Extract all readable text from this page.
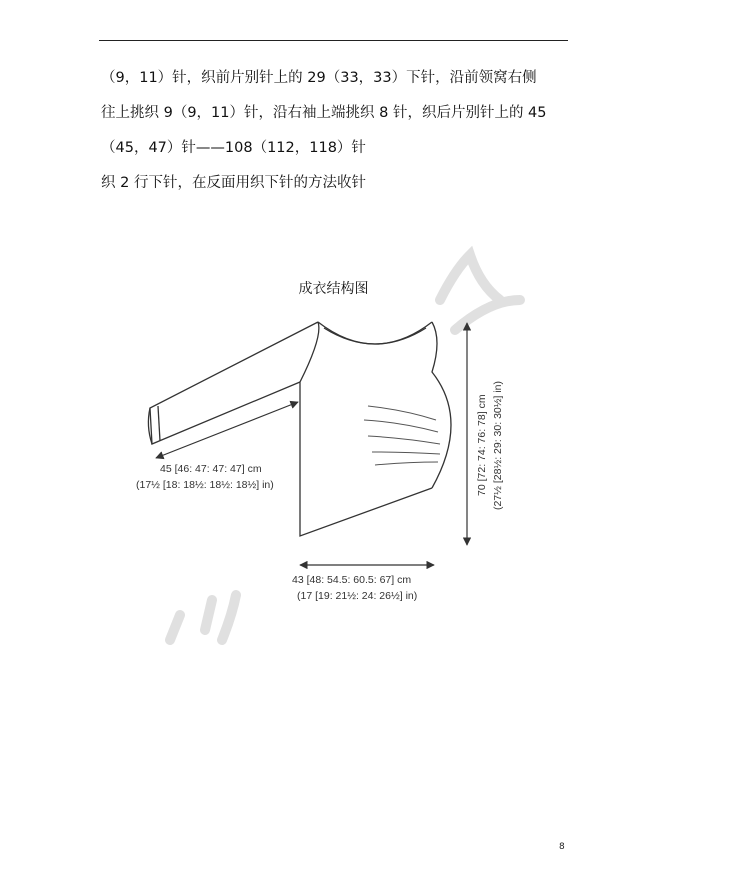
（9，11）针，织前片别针上的 29（33，33）下针，沿前领窝右侧
往上挑织 9（9，11）针，沿右袖上端挑织 8 针，织后片别针上的 45
（45，47）针——108（112，118）针
织 2 行下针，在反面用织下针的方法收针
成衣结构图
45 [46: 47: 47: 47] cm
(17½ [18: 18½: 18½: 18½] in)
43 [48: 54.5: 60.5: 67] cm
(17 [19: 21½: 24: 26½] in)
70 [72: 74: 76: 78] cm (27½ [28½: 29: 30: 30½] in)
8
